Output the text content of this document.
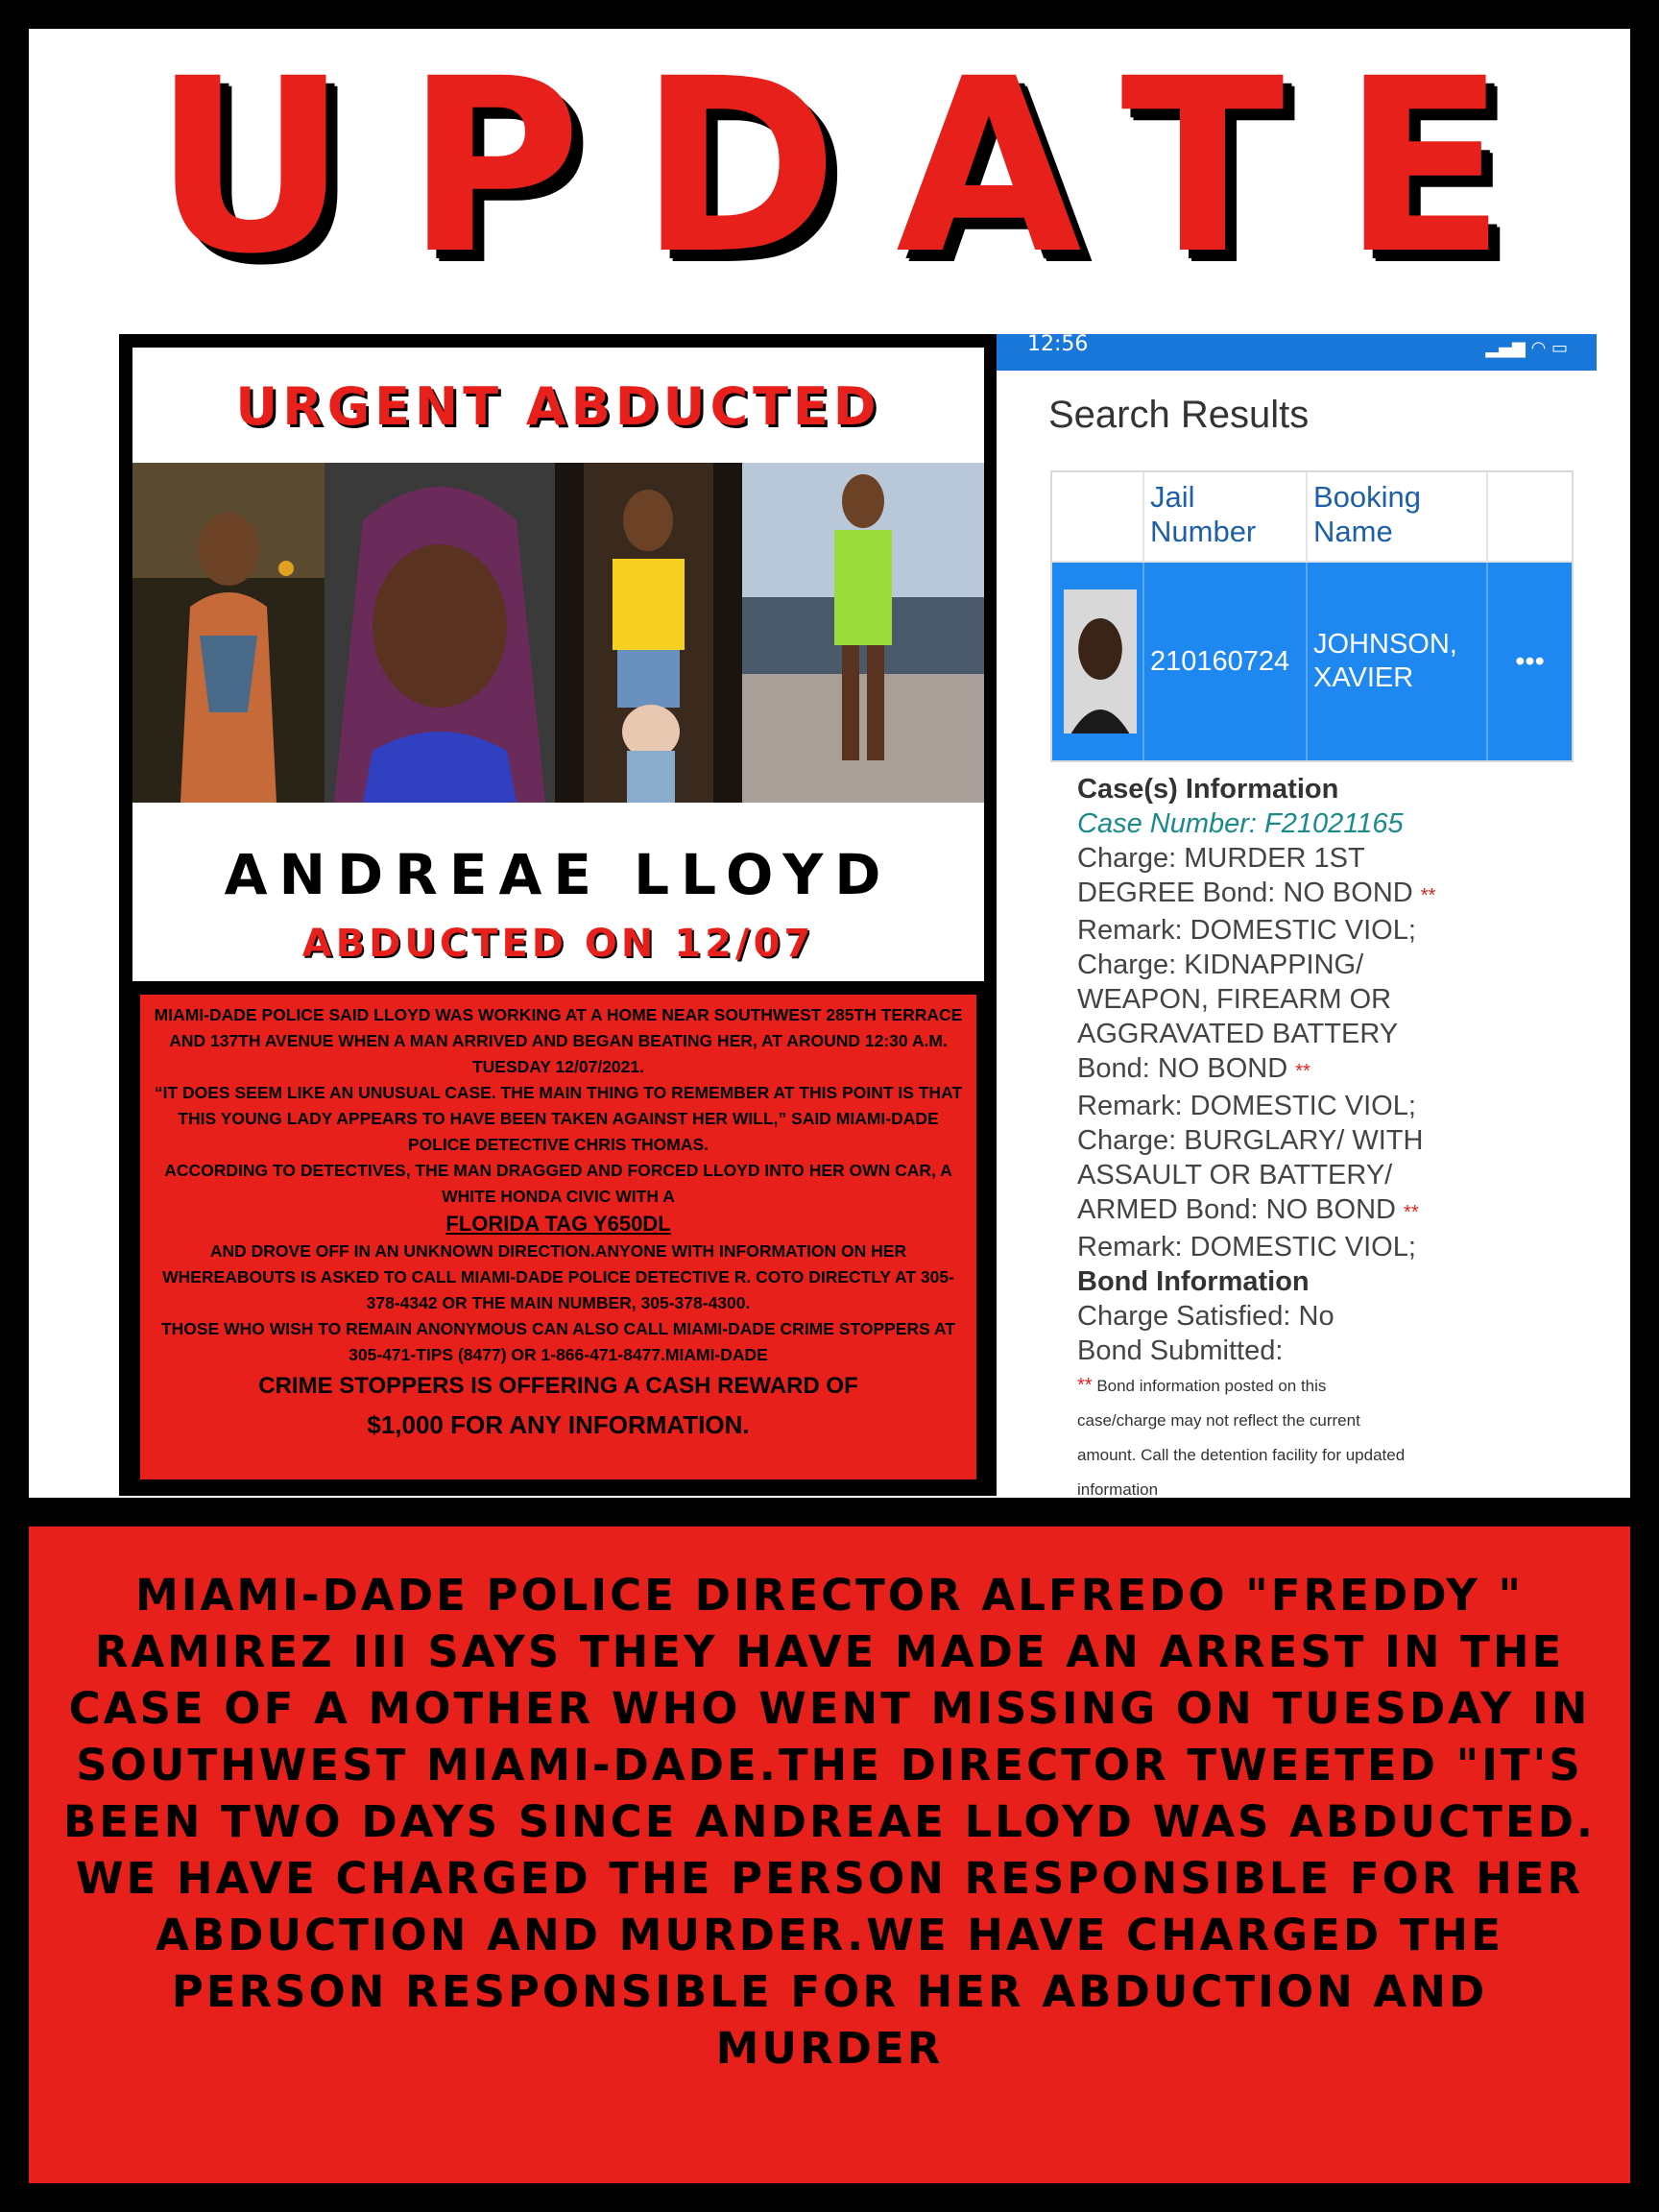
UPDATE
URGENT ABDUCTED
ANDREAE LLOYD
ABDUCTED ON 12/07

MIAMI-DADE POLICE SAID LLOYD WAS WORKING AT A HOME NEAR SOUTHWEST 285TH TERRACE AND 137TH AVENUE WHEN A MAN ARRIVED AND BEGAN BEATING HER, AT AROUND 12:30 A.M. TUESDAY 12/07/2021.

“IT DOES SEEM LIKE AN UNUSUAL CASE. THE MAIN THING TO REMEMBER AT THIS POINT IS THAT THIS YOUNG LADY APPEARS TO HAVE BEEN TAKEN AGAINST HER WILL,” SAID MIAMI-DADE POLICE DETECTIVE CHRIS THOMAS.

ACCORDING TO DETECTIVES, THE MAN DRAGGED AND FORCED LLOYD INTO HER OWN CAR, A WHITE HONDA CIVIC WITH A

FLORIDA TAG Y650DL

AND DROVE OFF IN AN UNKNOWN DIRECTION.ANYONE WITH INFORMATION ON HER WHEREABOUTS IS ASKED TO CALL MIAMI-DADE POLICE DETECTIVE R. COTO DIRECTLY AT 305-378-4342 OR THE MAIN NUMBER, 305-378-4300.

THOSE WHO WISH TO REMAIN ANONYMOUS CAN ALSO CALL MIAMI-DADE CRIME STOPPERS AT 305-471-TIPS (8477) OR 1-866-471-8477.MIAMI-DADE

CRIME STOPPERS IS OFFERING A CASH REWARD OF

$1,000 FOR ANY INFORMATION.

12:56	▂▄▆ ◠ ▭
Search Results
Jail Number
Booking Name
210160724
JOHNSON, XAVIER
•••
Case(s) Information
Case Number: F21021165
Charge: MURDER 1ST
DEGREE Bond: NO BOND **
Remark: DOMESTIC VIOL;
Charge: KIDNAPPING/
WEAPON, FIREARM OR
AGGRAVATED BATTERY
Bond: NO BOND **
Remark: DOMESTIC VIOL;
Charge: BURGLARY/ WITH
ASSAULT OR BATTERY/
ARMED Bond: NO BOND **
Remark: DOMESTIC VIOL;
Bond Information
Charge Satisfied: No
Bond Submitted:
** Bond information posted on this
case/charge may not reflect the current
amount. Call the detention facility for updated
information

MIAMI-DADE POLICE DIRECTOR ALFREDO "FREDDY " RAMIREZ III SAYS THEY HAVE MADE AN ARREST IN THE CASE OF A MOTHER WHO WENT MISSING ON TUESDAY IN SOUTHWEST MIAMI-DADE.THE DIRECTOR TWEETED "IT'S BEEN TWO DAYS SINCE ANDREAE LLOYD WAS ABDUCTED. WE HAVE CHARGED THE PERSON RESPONSIBLE FOR HER ABDUCTION AND MURDER.WE HAVE CHARGED THE PERSON RESPONSIBLE FOR HER ABDUCTION AND MURDER
